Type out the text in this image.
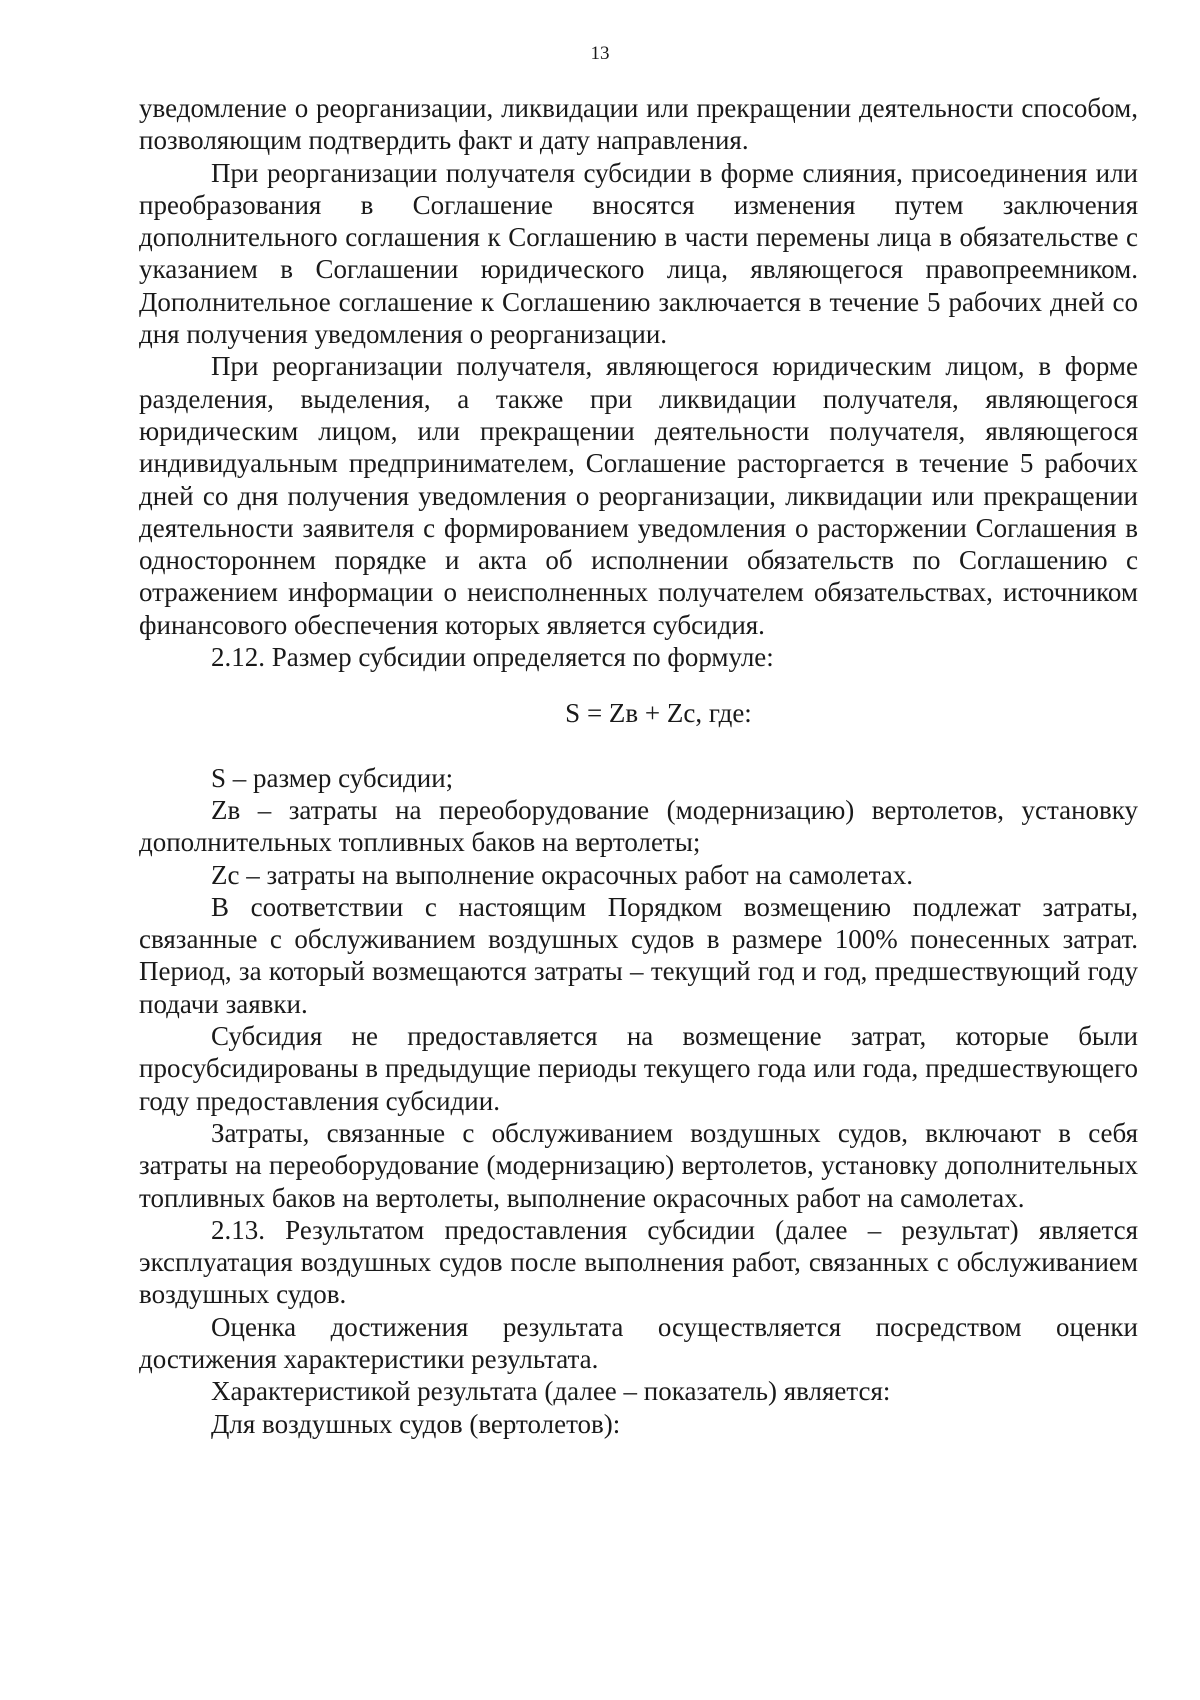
13

уведомление о реорганизации, ликвидации или прекращении деятельности способом, позволяющим подтвердить факт и дату направления.

При реорганизации получателя субсидии в форме слияния, присоединения или преобразования в Соглашение вносятся изменения путем заключения дополнительного соглашения к Соглашению в части перемены лица в обязательстве с указанием в Соглашении юридического лица, являющегося правопреемником. Дополнительное соглашение к Соглашению заключается в течение 5 рабочих дней со дня получения уведомления о реорганизации.

При реорганизации получателя, являющегося юридическим лицом, в форме разделения, выделения, а также при ликвидации получателя, являющегося юридическим лицом, или прекращении деятельности получателя, являющегося индивидуальным предпринимателем, Соглашение расторгается в течение 5 рабочих дней со дня получения уведомления о реорганизации, ликвидации или прекращении деятельности заявителя с формированием уведомления о расторжении Соглашения в одностороннем порядке и акта об исполнении обязательств по Соглашению с отражением информации о неисполненных получателем обязательствах, источником финансового обеспечения которых является субсидия.

2.12. Размер субсидии определяется по формуле:

S = Zв + Zс, где:

S – размер субсидии;

Zв – затраты на переоборудование (модернизацию) вертолетов, установку дополнительных топливных баков на вертолеты;

Zс – затраты на выполнение окрасочных работ на самолетах.

В соответствии с настоящим Порядком возмещению подлежат затраты, связанные с обслуживанием воздушных судов в размере 100% понесенных затрат. Период, за который возмещаются затраты – текущий год и год, предшествующий году подачи заявки.

Субсидия не предоставляется на возмещение затрат, которые были просубсидированы в предыдущие периоды текущего года или года, предшествующего году предоставления субсидии.

Затраты, связанные с обслуживанием воздушных судов, включают в себя затраты на переоборудование (модернизацию) вертолетов, установку дополнительных топливных баков на вертолеты, выполнение окрасочных работ на самолетах.

2.13. Результатом предоставления субсидии (далее – результат) является эксплуатация воздушных судов после выполнения работ, связанных с обслуживанием воздушных судов.

Оценка достижения результата осуществляется посредством оценки достижения характеристики результата.

Характеристикой результата (далее – показатель) является:

Для воздушных судов (вертолетов):
